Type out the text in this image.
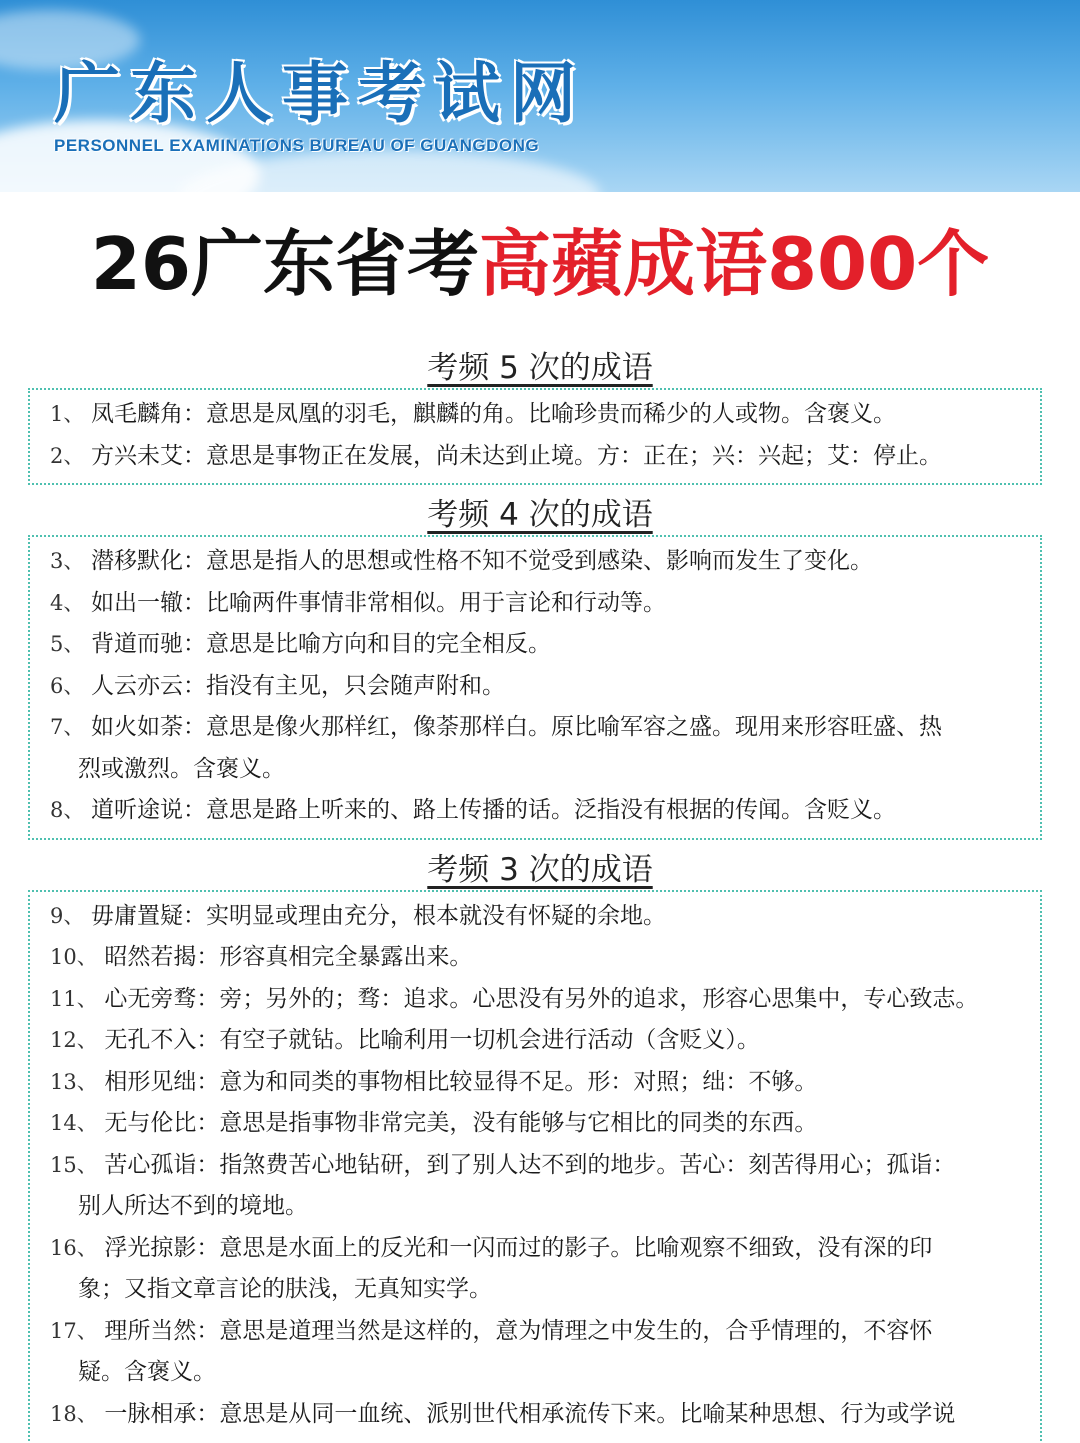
广东人事考试网
PERSONNEL EXAMINATIONS BUREAU OF GUANGDONG
26广东省考高蘋成语800个
考频 5 次的成语
1、 凤毛麟角：意思是凤凰的羽毛，麒麟的角。比喻珍贵而稀少的人或物。含褒义。
2、 方兴未艾：意思是事物正在发展，尚未达到止境。方：正在；兴：兴起；艾：停止。
考频 4 次的成语
3、 潜移默化：意思是指人的思想或性格不知不觉受到感染、影响而发生了变化。
4、 如出一辙：比喻两件事情非常相似。用于言论和行动等。
5、 背道而驰：意思是比喻方向和目的完全相反。
6、 人云亦云：指没有主见，只会随声附和。
7、 如火如荼：意思是像火那样红，像荼那样白。原比喻军容之盛。现用来形容旺盛、热
烈或激烈。含褒义。
8、 道听途说：意思是路上听来的、路上传播的话。泛指没有根据的传闻。含贬义。
考频 3 次的成语
9、 毋庸置疑：实明显或理由充分，根本就没有怀疑的余地。
10、 昭然若揭：形容真相完全暴露出来。
11、 心无旁骛：旁；另外的；骛：追求。心思没有另外的追求，形容心思集中，专心致志。
12、 无孔不入：有空子就钻。比喻利用一切机会进行活动（含贬义）。
13、 相形见绌：意为和同类的事物相比较显得不足。形：对照；绌：不够。
14、 无与伦比：意思是指事物非常完美，没有能够与它相比的同类的东西。
15、 苦心孤诣：指煞费苦心地钻研，到了别人达不到的地步。苦心：刻苦得用心；孤诣：
别人所达不到的境地。
16、 浮光掠影：意思是水面上的反光和一闪而过的影子。比喻观察不细致，没有深的印
象；又指文章言论的肤浅，无真知实学。
17、 理所当然：意思是道理当然是这样的，意为情理之中发生的，合乎情理的，不容怀
疑。含褒义。
18、 一脉相承：意思是从同一血统、派别世代相承流传下来。比喻某种思想、行为或学说
